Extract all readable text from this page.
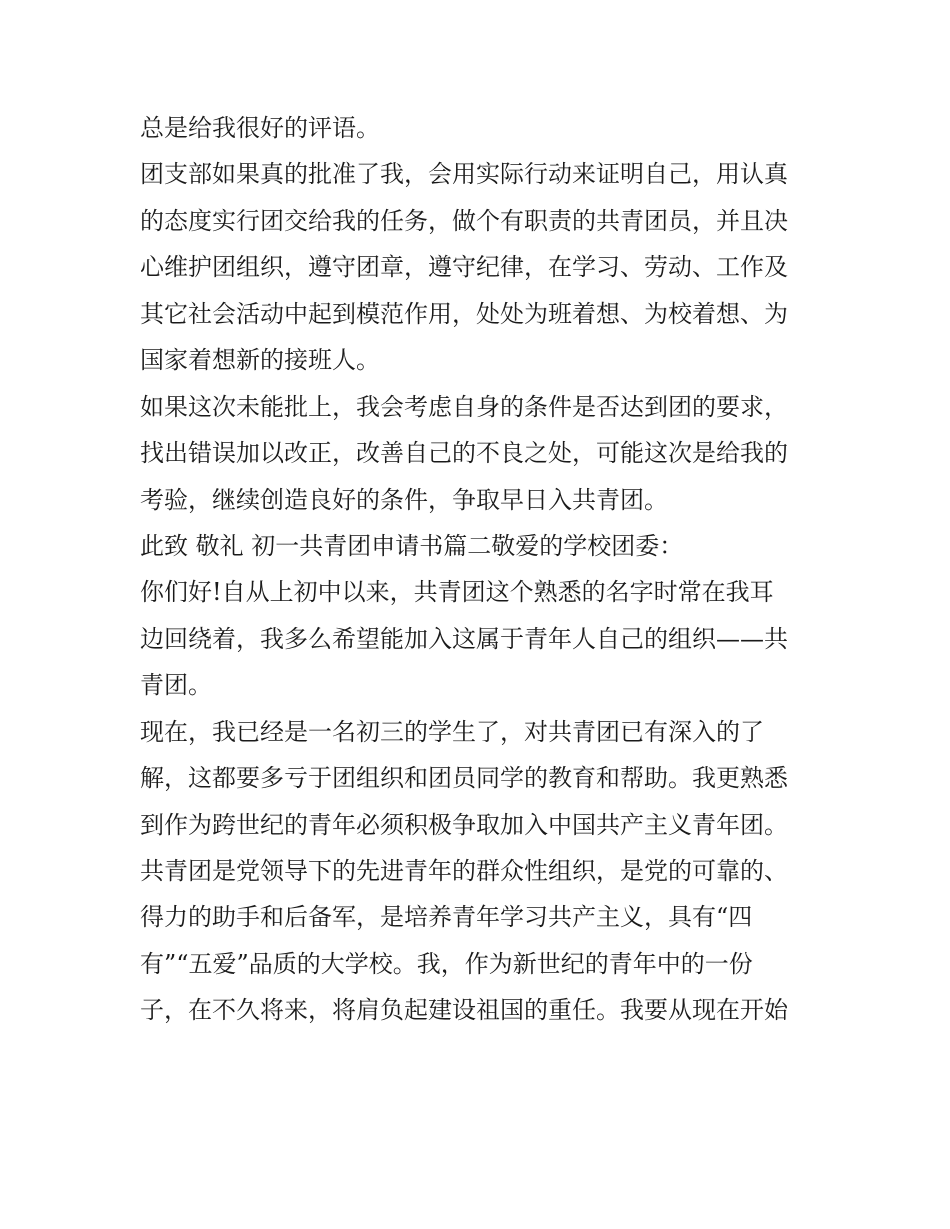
总是给我很好的评语。
团支部如果真的批准了我，会用实际行动来证明自己，用认真
的态度实行团交给我的任务，做个有职责的共青团员，并且决
心维护团组织，遵守团章，遵守纪律，在学习、劳动、工作及
其它社会活动中起到模范作用，处处为班着想、为校着想、为
国家着想新的接班人。
如果这次未能批上，我会考虑自身的条件是否达到团的要求，
找出错误加以改正，改善自己的不良之处，可能这次是给我的
考验，继续创造良好的条件，争取早日入共青团。
此致 敬礼 初一共青团申请书篇二敬爱的学校团委：
你们好!自从上初中以来，共青团这个熟悉的名字时常在我耳
边回绕着，我多么希望能加入这属于青年人自己的组织——共
青团。
现在，我已经是一名初三的学生了，对共青团已有深入的了
解，这都要多亏于团组织和团员同学的教育和帮助。我更熟悉
到作为跨世纪的青年必须积极争取加入中国共产主义青年团。
共青团是党领导下的先进青年的群众性组织，是党的可靠的、
得力的助手和后备军，是培养青年学习共产主义，具有“四
有”“五爱”品质的大学校。我，作为新世纪的青年中的一份
子，在不久将来，将肩负起建设祖国的重任。我要从现在开始
